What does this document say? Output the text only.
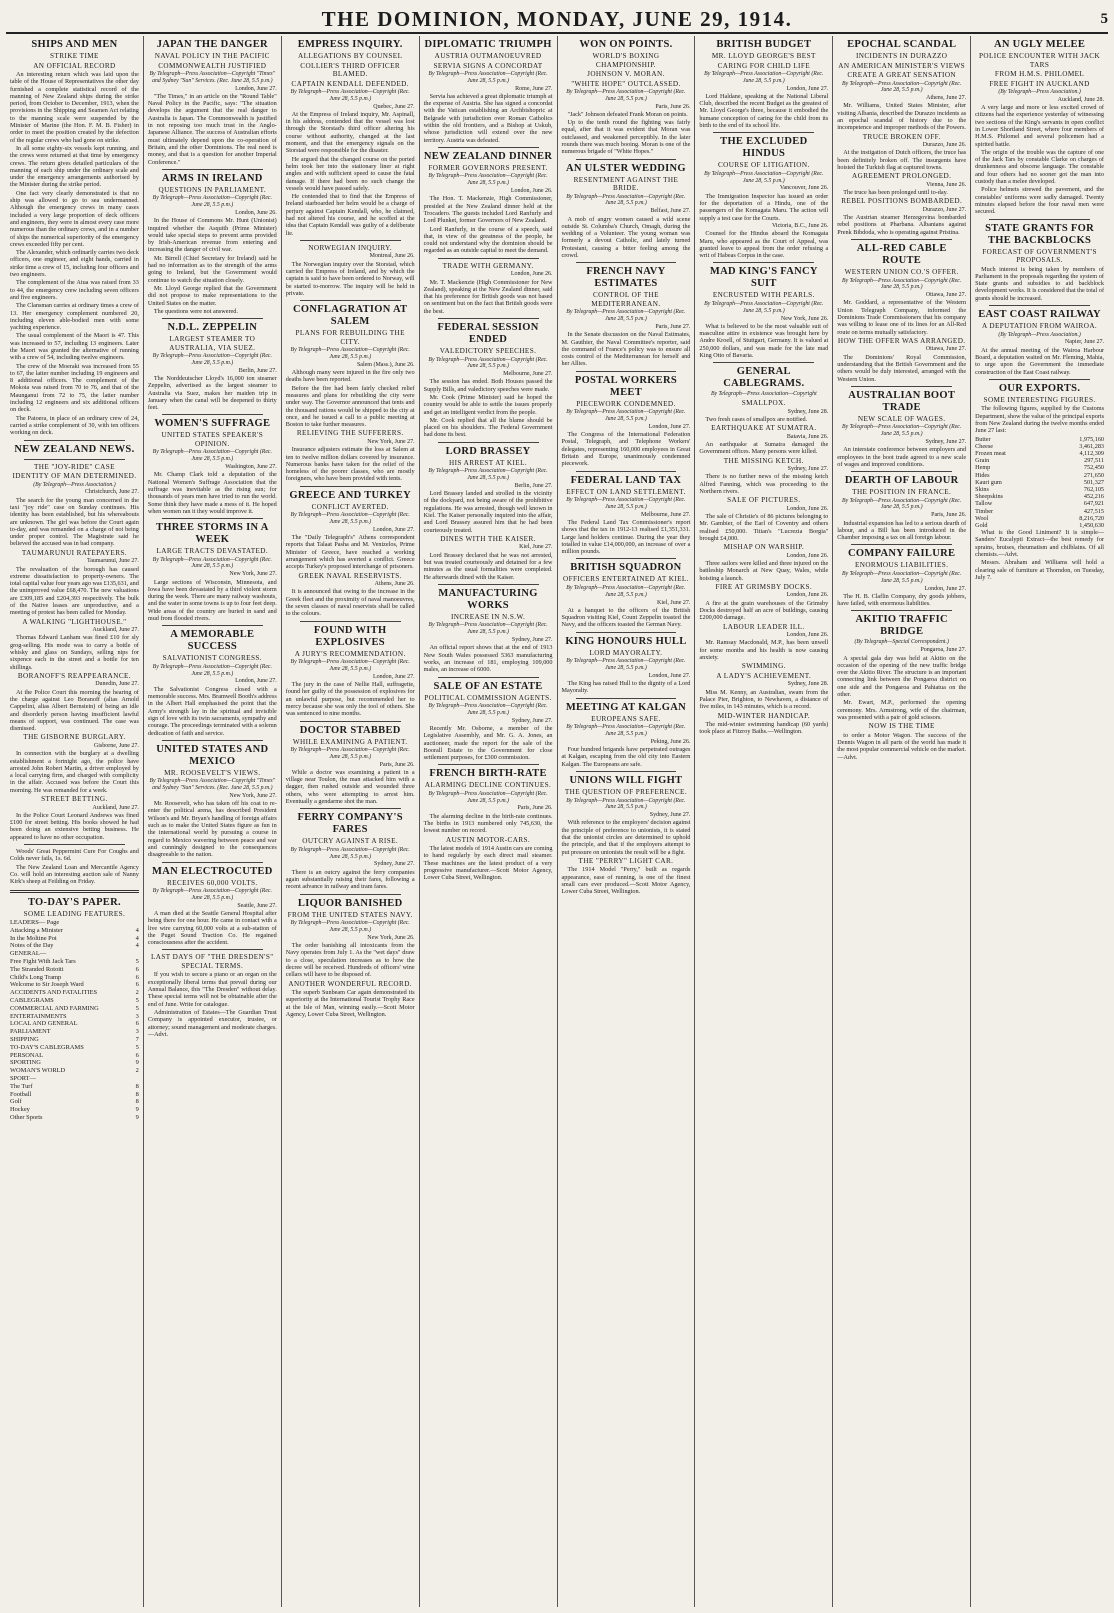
THE DOMINION, MONDAY, JUNE 29, 1914.	5
SHIPS AND MEN
STRIKE TIME
AN OFFICIAL RECORD

An interesting return which was laid upon the table of the House of Representatives the other day furnished a complete statistical record of the manning of New Zealand ships during the strike period, from October to December, 1913, when the provisions in the Shipping and Seamen Act relating to the manning scale were suspended by the Minister of Marine (the Hon. F. M. B. Fisher) in order to meet the position created by the defection of the regular crews who had gone on strike.

In all some eighty-six vessels kept running, and the crews were returned at that time by emergency crews. The return gives detailed particulars of the manning of each ship under the ordinary scale and under the emergency arrangements authorised by the Minister during the strike period.

One fact very clearly demonstrated is that no ship was allowed to go to sea undermanned. Although the emergency crews in many cases included a very large proportion of deck officers and engineers, they were in almost every case more numerous than the ordinary crews, and in a number of ships the numerical superiority of the emergency crews exceeded fifty per cent.

The Alexander, which ordinarily carries two deck officers, one engineer, and eight hands, carried in strike time a crew of 15, including four officers and two engineers.

The complement of the Atua was raised from 33 to 44, the emergency crew including seven officers and five engineers.

The Clansman carries at ordinary times a crew of 13. Her emergency complement numbered 20, including eleven able-bodied men with some yachting experience.

The usual complement of the Maori is 47. This was increased to 57, including 13 engineers. Later the Maori was granted the alternative of running with a crew of 54, including twelve engineers.

The crew of the Moeraki was increased from 55 to 67, the latter number including 19 engineers and 8 additional officers. The complement of the Mokoia was raised from 70 to 76, and that of the Maunganui from 72 to 75, the latter number including 12 engineers and six additional officers on deck.

The Patoera, in place of an ordinary crew of 24, carried a strike complement of 30, with ten officers working on deck.

NEW ZEALAND NEWS.
THE "JOY-RIDE" CASE
IDENTITY OF MAN DETERMINED.
(By Telegraph—Press Association.)
Christchurch, June 27.

The search for the young man concerned in the taxi "joy ride" case on Sunday continues. His identity has been established, but his whereabouts are unknown. The girl was before the Court again to-day, and was remanded on a charge of not being under proper control. The Magistrate said he believed the accused was in bad company.

TAUMARUNUI RATEPAYERS.
Taumarunui, June 27.

The revaluation of the borough has caused extreme dissatisfaction to property-owners. The total capital value four years ago was £135,631, and the unimproved value £68,470. The new valuations are £309,185 and £204,393 respectively. The bulk of the Native leases are unproductive, and a meeting of protest has been called for Monday.

A WALKING "LIGHTHOUSE."
Auckland, June 27.

Thomas Edward Lanham was fined £10 for sly grog-selling. His mode was to carry a bottle of whisky and glass on Sundays, selling nips for sixpence each in the street and a bottle for ten shillings.

BORANOFF'S REAPPEARANCE.
Dunedin, June 27.

At the Police Court this morning the hearing of the charge against Leo Boranoff (alias Arnold Cappelini, alias Albert Bernstein) of being an idle and disorderly person having insufficient lawful means of support, was continued. The case was dismissed.

THE GISBORNE BURGLARY.
Gisborne, June 27.

In connection with the burglary at a dwelling establishment a fortnight ago, the police have arrested John Robert Martin, a driver employed by a local carrying firm, and charged with complicity in the affair. Accused was before the Court this morning. He was remanded for a week.

STREET BETTING.
Auckland, June 27.

In the Police Court Leonard Andrews was fined £100 for street betting. His books showed he had been doing an extensive betting business. He appeared to have no other occupation.

Woods' Great Peppermint Cure For Coughs and Colds never fails, 1s. 6d.

The New Zealand Loan and Mercantile Agency Co. will hold an interesting auction sale of Nanny Kirk's sheep at Feilding on Friday.

TO-DAY'S PAPER.
SOME LEADING FEATURES.
LEADERS— Page
Attacking a Minister	4
In the Moltine Pot	4
Notes of the Day	4
GENERAL—
Free Fight With Jack Tars	5
The Stranded Rotoiti	6
Child's Long Tramp	6
Welcome to Sir Joseph Ward	6
ACCIDENTS AND FATALITIES	2
CABLEGRAMS	5
COMMERCIAL AND FARMING	5
ENTERTAINMENTS	3
LOCAL AND GENERAL	6
PARLIAMENT	3
SHIPPING	7
TO-DAY'S CABLEGRAMS	5
PERSONAL	6
SPORTING	9
WOMAN'S WORLD	2
SPORT—
The Turf	8
Football	8
Golf	8
Hockey	9
Other Sports	9
JAPAN THE DANGER
NAVAL POLICY IN THE PACIFIC
COMMONWEALTH JUSTIFIED
By Telegraph—Press Association—Copyright "Times" and Sydney "Sun" Services. (Rec. June 28, 5.5 p.m.)
London, June 27.

"The Times," in an article on the "Round Table" Naval Policy in the Pacific, says: "The situation develops the argument that the real danger to Australia is Japan. The Commonwealth is justified in not reposing too much trust in the Anglo-Japanese Alliance. The success of Australian efforts must ultimately depend upon the co-operation of Britain, and the other Dominions. The real need is money, and that is a question for another Imperial Conference."

ARMS IN IRELAND
QUESTIONS IN PARLIAMENT.
By Telegraph—Press Association—Copyright (Rec. June 28, 5.5 p.m.)
London, June 26.

In the House of Commons Mr. Hunt (Unionist) inquired whether the Asquith (Prime Minister) would take special steps to prevent arms provided by Irish-American revenue from entering and increasing the danger of civil war.

Mr. Birrell (Chief Secretary for Ireland) said he had no information as to the strength of the arms going to Ireland, but the Government would continue to watch the situation closely.

Mr. Lloyd George replied that the Government did not propose to make representations to the United States on the matter.

The questions were not answered.

N.D.L. ZEPPELIN
LARGEST STEAMER TO AUSTRALIA, VIA SUEZ.
By Telegraph—Press Association—Copyright (Rec. June 28, 5.5 p.m.)
Berlin, June 27.

The Norddeutscher Lloyd's 16,000 ton steamer Zeppelin, advertised as the largest steamer to Australia via Suez, makes her maiden trip in January when the canal will be deepened to thirty feet.

WOMEN'S SUFFRAGE
UNITED STATES SPEAKER'S OPINION.
By Telegraph—Press Association—Copyright (Rec. June 28, 5.5 p.m.)
Washington, June 27.

Mr. Champ Clark told a deputation of the National Women's Suffrage Association that the suffrage was inevitable as the rising sun; for thousands of years men have tried to run the world. Some think they have made a mess of it. He hoped when women ran it they would improve it.

THREE STORMS IN A WEEK
LARGE TRACTS DEVASTATED.
By Telegraph—Press Association—Copyright (Rec. June 28, 5.5 p.m.)
New York, June 27.

Large sections of Wisconsin, Minnesota, and Iowa have been devastated by a third violent storm during the week. There are many railway washouts, and the water in some towns is up to four feet deep. Wide areas of the country are buried in sand and mud from flooded rivers.

A MEMORABLE SUCCESS
SALVATIONIST CONGRESS.
By Telegraph—Press Association—Copyright (Rec. June 28, 5.5 p.m.)
London, June 27.

The Salvationist Congress closed with a memorable success. Mrs. Bramwell Booth's address in the Albert Hall emphasised the point that the Army's strength lay in the spiritual and invisible sign of love with its twin sacraments, sympathy and courage. The proceedings terminated with a solemn dedication of faith and service.

UNITED STATES AND MEXICO
MR. ROOSEVELT'S VIEWS.
By Telegraph—Press Association—Copyright "Times" and Sydney "Sun" Services. (Rec. June 28, 5.5 p.m.)
New York, June 27.

Mr. Roosevelt, who has taken off his coat to re-enter the political arena, has described President Wilson's and Mr. Bryan's handling of foreign affairs such as to make the United States figure as fun in the international world by pursuing a course in regard to Mexico wavering between peace and war and cunningly designed to the consequences disagreeable to the nation.

MAN ELECTROCUTED
RECEIVES 60,000 VOLTS.
By Telegraph—Press Association—Copyright (Rec. June 28, 5.5 p.m.)
Seattle, June 27.

A man died at the Seattle General Hospital after being there for one hour. He came in contact with a live wire carrying 60,000 volts at a sub-station of the Puget Sound Traction Co. He regained consciousness after the accident.

LAST DAYS OF "THE DRESDEN'S" SPECIAL TERMS.

If you wish to secure a piano or an organ on the exceptionally liberal terms that prevail during our Annual Balance, this "The Dresden" without delay. These special terms will not be obtainable after the end of June. Write for catalogue.

Administration of Estates—The Guardian Trust Company is appointed executor, trustee, or attorney; sound management and moderate charges.—Advt.

EMPRESS INQUIRY.
ALLEGATIONS BY COUNSEL
COLLIER'S THIRD OFFICER BLAMED.
CAPTAIN KENDALL DEFENDED.
By Telegraph—Press Association—Copyright (Rec. June 28, 5.5 p.m.)
Quebec, June 27.

At the Empress of Ireland inquiry, Mr. Aspinall, in his address, contended that the vessel was lost through the Storstad's third officer altering his course without authority, changed at the last moment, and that the emergency signals on the Storstad were responsible for the disaster.

He argued that the changed course on the ported helm took her into the stationary liner at right angles and with sufficient speed to cause the fatal damage. If there had been no such change the vessels would have passed safely.

He contended that to find that the Empress of Ireland starboarded her helm would be a charge of perjury against Captain Kendall, who, he claimed, had not altered his course, and he scoffed at the idea that Captain Kendall was guilty of a deliberate lie.

NORWEGIAN INQUIRY.
Montreal, June 26.

The Norwegian inquiry over the Storstad, which carried the Empress of Ireland, and by which the captain is said to have been ordered to Norway, will be started to-morrow. The inquiry will be held in private.

CONFLAGRATION AT SALEM
PLANS FOR REBUILDING THE CITY.
By Telegraph—Press Association—Copyright (Rec. June 28, 5.5 p.m.)
Salem (Mass.), June 26.

Although many were injured in the fire only two deaths have been reported.

Before the fire had been fairly checked relief measures and plans for rebuilding the city were under way. The Governor announced that tents and the thousand rations would be shipped to the city at once, and he issued a call to a public meeting at Boston to take further measures.

RELIEVING THE SUFFERERS.
New York, June 27.

Insurance adjusters estimate the loss at Salem at ten to twelve million dollars covered by insurance. Numerous banks have taken for the relief of the homeless of the poorer classes, who are mostly foreigners, who have been provided with tents.

GREECE AND TURKEY
CONFLICT AVERTED.
By Telegraph—Press Association—Copyright (Rec. June 28, 5.5 p.m.)
London, June 27.

The "Daily Telegraph's" Athens correspondent reports that Talaat Pasha and M. Venizelos, Prime Minister of Greece, have reached a working arrangement which has averted a conflict. Greece accepts Turkey's proposed interchange of prisoners.

GREEK NAVAL RESERVISTS.
Athens, June 26.

It is announced that owing to the increase in the Greek fleet and the proximity of naval manoeuvres, the seven classes of naval reservists shall be called to the colours.

FOUND WITH EXPLOSIVES
A JURY'S RECOMMENDATION.
By Telegraph—Press Association—Copyright (Rec. June 28, 5.5 p.m.)
London, June 27.

The jury in the case of Nellie Hall, suffragette, found her guilty of the possession of explosives for an unlawful purpose, but recommended her to mercy because she was only the tool of others. She was sentenced to nine months.

DOCTOR STABBED
WHILE EXAMINING A PATIENT.
By Telegraph—Press Association—Copyright (Rec. June 28, 5.5 p.m.)
Paris, June 26.

While a doctor was examining a patient in a village near Toulon, the man attacked him with a dagger, then rushed outside and wounded three others, who were attempting to arrest him. Eventually a gendarme shot the man.

FERRY COMPANY'S FARES
OUTCRY AGAINST A RISE.
By Telegraph—Press Association—Copyright (Rec. June 28, 5.5 p.m.)
Sydney, June 27.

There is an outcry against the ferry companies again substantially raising their fares, following a recent advance in railway and tram fares.

LIQUOR BANISHED
FROM THE UNITED STATES NAVY.
By Telegraph—Press Association—Copyright (Rec. June 28, 5.5 p.m.)
New York, June 26.

The order banishing all intoxicants from the Navy operates from July 1. As the "wet days" draw to a close, speculation increases as to how the decree will be received. Hundreds of officers' wine cellars will have to be disposed of.

ANOTHER WONDERFUL RECORD.

The superb Sunbeam Car again demonstrated its superiority at the International Tourist Trophy Race at the Isle of Man, winning easily.—Scott Motor Agency, Lower Cuba Street, Wellington.

DIPLOMATIC TRIUMPH
AUSTRIA OUTMANOEUVRED
SERVIA SIGNS A CONCORDAT
By Telegraph—Press Association—Copyright (Rec. June 28, 5.5 p.m.)
Rome, June 27.

Servia has achieved a great diplomatic triumph at the expense of Austria. She has signed a concordat with the Vatican establishing an Archbishopric at Belgrade with jurisdiction over Roman Catholics within the old frontiers, and a Bishop at Uskub, whose jurisdiction will extend over the new territory. Austria was defeated.

NEW ZEALAND DINNER
FORMER GOVERNORS PRESENT.
By Telegraph—Press Association—Copyright (Rec. June 28, 5.5 p.m.)
London, June 26.

The Hon. T. Mackenzie, High Commissioner, presided at the New Zealand dinner held at the Trocadero. The guests included Lord Ranfurly and Lord Plunket, former Governors of New Zealand.

Lord Ranfurly, in the course of a speech, said that, in view of the greatness of the people, he could not understand why the dominion should be regarded as an outside capital to meet the demand.

TRADE WITH GERMANY.
London, June 26.

Mr. T. Mackenzie (High Commissioner for New Zealand), speaking at the New Zealand dinner, said that his preference for British goods was not based on sentiment but on the fact that British goods were the best.

FEDERAL SESSION ENDED
VALEDICTORY SPEECHES.
By Telegraph—Press Association—Copyright (Rec. June 28, 5.5 p.m.)
Melbourne, June 27.

The session has ended. Both Houses passed the Supply Bills, and valedictory speeches were made.

Mr. Cook (Prime Minister) said he hoped the country would be able to settle the issues properly and get an intelligent verdict from the people.

Mr. Cook replied that all the blame should be placed on his shoulders. The Federal Government had done its best.

LORD BRASSEY
HIS ARREST AT KIEL.
By Telegraph—Press Association—Copyright (Rec. June 28, 5.5 p.m.)
Berlin, June 27.

Lord Brassey landed and strolled in the vicinity of the dockyard, not being aware of the prohibitive regulations. He was arrested, though well known in Kiel. The Kaiser personally inquired into the affair, and Lord Brassey assured him that he had been courteously treated.

DINES WITH THE KAISER.
Kiel, June 27.

Lord Brassey declared that he was not arrested, but was treated courteously and detained for a few minutes as the usual formalities were completed. He afterwards dined with the Kaiser.

MANUFACTURING WORKS
INCREASE IN N.S.W.
By Telegraph—Press Association—Copyright (Rec. June 28, 5.5 p.m.)
Sydney, June 27.

An official report shows that at the end of 1913 New South Wales possessed 5363 manufacturing works, an increase of 181, employing 109,000 males, an increase of 6000.

SALE OF AN ESTATE
POLITICAL COMMISSION AGENTS.
By Telegraph—Press Association—Copyright (Rec. June 28, 5.5 p.m.)
Sydney, June 27.

Recently Mr. Osborne, a member of the Legislative Assembly, and Mr. G. A. Jones, an auctioneer, made the report for the sale of the Boorall Estate to the Government for close settlement purposes, for £300 commission.

FRENCH BIRTH-RATE
ALARMING DECLINE CONTINUES.
By Telegraph—Press Association—Copyright (Rec. June 28, 5.5 p.m.)
Paris, June 26.

The alarming decline in the birth-rate continues. The births in 1913 numbered only 745,630, the lowest number on record.

AUSTIN MOTOR-CARS.

The latest models of 1914 Austin cars are coming to hand regularly by each direct mail steamer. These machines are the latest product of a very progressive manufacturer.—Scott Motor Agency, Lower Cuba Street, Wellington.

WON ON POINTS.
WORLD'S BOXING CHAMPIONSHIP.
JOHNSON V. MORAN.
"WHITE HOPE" OUTCLASSED.
By Telegraph—Press Association—Copyright (Rec. June 28, 5.5 p.m.)
Paris, June 26.

"Jack" Johnson defeated Frank Moran on points.

Up to the tenth round the fighting was fairly equal, after that it was evident that Moran was outclassed, and weakened perceptibly. In the later rounds there was much booing. Moran is one of the numerous brigade of "White Hopes."

AN ULSTER WEDDING
RESENTMENT AGAINST THE BRIDE.
By Telegraph—Press Association—Copyright (Rec. June 28, 5.5 p.m.)
Belfast, June 27.

A mob of angry women caused a wild scene outside St. Columba's Church, Omagh, during the wedding of a Volunteer. The young woman was formerly a devout Catholic, and lately turned Protestant, causing a bitter feeling among the crowd.

FRENCH NAVY ESTIMATES
CONTROL OF THE MEDITERRANEAN.
By Telegraph—Press Association—Copyright (Rec. June 28, 5.5 p.m.)
Paris, June 27.

In the Senate discussion on the Naval Estimates, M. Gauthier, the Naval Committee's reporter, said the command of France's policy was to ensure all costs control of the Mediterranean for herself and her Allies.

POSTAL WORKERS MEET
PIECEWORK CONDEMNED.
By Telegraph—Press Association—Copyright (Rec. June 28, 5.5 p.m.)
London, June 27.

The Congress of the International Federation Postal, Telegraph, and Telephone Workers' delegates, representing 160,000 employees in Great Britain and Europe, unanimously condemned piecework.

FEDERAL LAND TAX
EFFECT ON LAND SETTLEMENT.
By Telegraph—Press Association—Copyright (Rec. June 28, 5.5 p.m.)
Melbourne, June 27.

The Federal Land Tax Commissioner's report shows that the tax in 1912-13 realised £1,351,331. Large land holders continue. During the year they totalled in value £14,000,000, an increase of over a million pounds.

BRITISH SQUADRON
OFFICERS ENTERTAINED AT KIEL.
By Telegraph—Press Association—Copyright (Rec. June 28, 5.5 p.m.)
Kiel, June 27.

At a banquet to the officers of the British Squadron visiting Kiel, Count Zeppelin toasted the Navy, and the officers toasted the German Navy.

KING HONOURS HULL
LORD MAYORALTY.
By Telegraph—Press Association—Copyright (Rec. June 28, 5.5 p.m.)
London, June 27.

The King has raised Hull to the dignity of a Lord Mayoralty.

MEETING AT KALGAN
EUROPEANS SAFE.
By Telegraph—Press Association—Copyright (Rec. June 28, 5.5 p.m.)
Peking, June 26.

Four hundred brigands have perpetrated outrages at Kalgan, escaping from the old city into Eastern Kalgan. The Europeans are safe.

UNIONS WILL FIGHT
THE QUESTION OF PREFERENCE.
By Telegraph—Press Association—Copyright (Rec. June 28, 5.5 p.m.)
Sydney, June 27.

With reference to the employers' decision against the principle of preference to unionists, it is stated that the unionist circles are determined to uphold the principle, and that if the employers attempt to put pressure on unionists the result will be a fight.

THE "PERRY" LIGHT CAR.

The 1914 Model "Perry," built as regards appearance, ease of running, is one of the finest small cars ever produced.—Scott Motor Agency, Lower Cuba Street, Wellington.

BRITISH BUDGET
MR. LLOYD GEORGE'S BEST
CARING FOR CHILD LIFE
By Telegraph—Press Association—Copyright (Rec. June 28, 5.5 p.m.)
London, June 27.

Lord Haldane, speaking at the National Liberal Club, described the recent Budget as the greatest of Mr. Lloyd George's three, because it embodied the humane conception of caring for the child from its birth to the end of its school life.

THE EXCLUDED HINDUS
COURSE OF LITIGATION.
By Telegraph—Press Association—Copyright (Rec. June 28, 5.5 p.m.)
Vancouver, June 26.

The Immigration Inspector has issued an order for the deportation of a Hindu, one of the passengers of the Komagata Maru. The action will supply a test case for the Courts.

Victoria, B.C., June 26.

Counsel for the Hindus aboard the Komagata Maru, who appeared as the Court of Appeal, was granted leave to appeal from the order refusing a writ of Habeas Corpus in the case.

MAD KING'S FANCY SUIT
ENCRUSTED WITH PEARLS.
By Telegraph—Press Association—Copyright (Rec. June 28, 5.5 p.m.)
New York, June 26.

What is believed to be the most valuable suit of masculine attire in existence was brought here by Andre Kroell, of Stuttgart, Germany. It is valued at 250,000 dollars, and was made for the late mad King Otto of Bavaria.

GENERAL CABLEGRAMS.
By Telegraph—Press Association—Copyright
SMALLPOX.
Sydney, June 28.

Two fresh cases of smallpox are notified.

EARTHQUAKE AT SUMATRA.
Batavia, June 26.

An earthquake at Sumatra damaged the Government offices. Many persons were killed.

THE MISSING KETCH.
Sydney, June 27.

There is no further news of the missing ketch Alfred Fanning, which was proceeding to the Northern rivers.

SALE OF PICTURES.
London, June 26.

The sale of Christie's of 86 pictures belonging to Mr. Gambier, of the Earl of Coventry and others realised £50,000. Titian's "Lucrezia Borgia" brought £4,000.

MISHAP ON WARSHIP.
London, June 26.

Three sailors were killed and three injured on the battleship Monarch at New Quay, Wales, while hoisting a launch.

FIRE AT GRIMSBY DOCKS.
London, June 26.

A fire at the grain warehouses of the Grimsby Docks destroyed half an acre of buildings, causing £200,000 damage.

LABOUR LEADER ILL.
London, June 26.

Mr. Ramsay Macdonald, M.P., has been unwell for some months and his health is now causing anxiety.

SWIMMING.
A LADY'S ACHIEVEMENT.
Sydney, June 28.

Miss M. Kenny, an Australian, swam from the Palace Pier, Brighton, to Newhaven, a distance of five miles, in 143 minutes, which is a record.

MID-WINTER HANDICAP.

The mid-winter swimming handicap (60 yards) took place at Fitzroy Baths.—Wellington.

EPOCHAL SCANDAL
INCIDENTS IN DURAZZO
AN AMERICAN MINISTER'S VIEWS
CREATE A GREAT SENSATION
By Telegraph—Press Association—Copyright (Rec. June 28, 5.5 p.m.)
Athens, June 27.

Mr. Williams, United States Minister, after visiting Albania, described the Durazzo incidents as an epochal scandal of history due to the incompetence and improper methods of the Powers.

TRUCE BROKEN OFF.
Durazzo, June 26.

At the instigation of Dutch officers, the truce has been definitely broken off. The insurgents have hoisted the Turkish flag at captured towns.

AGREEMENT PROLONGED.
Vienna, June 26.

The truce has been prolonged until to-day.

REBEL POSITIONS BOMBARDED.
Durazzo, June 27.

The Austrian steamer Herzegovina bombarded rebel positions at Pharbana. Albanians against Prenk Bibdoda, who is operating against Pristina.

ALL-RED CABLE ROUTE
WESTERN UNION CO.'S OFFER.
By Telegraph—Press Association—Copyright (Rec. June 28, 5.5 p.m.)
Ottawa, June 27.

Mr. Goddard, a representative of the Western Union Telegraph Company, informed the Dominions Trade Commissioners that his company was willing to lease one of its lines for an All-Red route on terms mutually satisfactory.

HOW THE OFFER WAS ARRANGED.
Ottawa, June 27.

The Dominions' Royal Commission, understanding that the British Government and the others would be duly interested, arranged with the Western Union.

AUSTRALIAN BOOT TRADE
NEW SCALE OF WAGES.
By Telegraph—Press Association—Copyright (Rec. June 28, 5.5 p.m.)
Sydney, June 27.

An interstate conference between employers and employees in the boot trade agreed to a new scale of wages and improved conditions.

DEARTH OF LABOUR
THE POSITION IN FRANCE.
By Telegraph—Press Association—Copyright (Rec. June 28, 5.5 p.m.)
Paris, June 26.

Industrial expansion has led to a serious dearth of labour, and a Bill has been introduced in the Chamber imposing a tax on all foreign labour.

COMPANY FAILURE
ENORMOUS LIABILITIES.
By Telegraph—Press Association—Copyright (Rec. June 28, 5.5 p.m.)
London, June 27.

The H. B. Claflin Company, dry goods jobbers, have failed, with enormous liabilities.

AKITIO TRAFFIC BRIDGE
(By Telegraph—Special Correspondent.)
Pongaroa, June 27.

A special gala day was held at Akitio on the occasion of the opening of the new traffic bridge over the Akitio River. The structure is an important connecting link between the Pongaroa district on one side and the Pongaroa and Pahiatua on the other.

Mr. Ewart, M.P., performed the opening ceremony. Mrs. Armstrong, wife of the chairman, was presented with a pair of gold scissors.

NOW IS THE TIME

to order a Motor Wagon. The success of the Dennis Wagon in all parts of the world has made it the most popular commercial vehicle on the market.—Advt.

AN UGLY MELEE
POLICE ENCOUNTER WITH JACK TARS
FROM H.M.S. PHILOMEL
FREE FIGHT IN AUCKLAND
(By Telegraph—Press Association.)
Auckland, June 28.

A very large and more or less excited crowd of citizens had the experience yesterday of witnessing two sections of the King's servants in open conflict in Lower Shortland Street, where four members of H.M.S. Philomel and several policemen had a spirited battle.

The origin of the trouble was the capture of one of the Jack Tars by constable Clarke on charges of drunkenness and obscene language. The constable and four others had no sooner got the man into custody than a melee developed.

Police helmets strewed the pavement, and the constables' uniforms were sadly damaged. Twenty minutes elapsed before the four naval men were secured.

STATE GRANTS FOR THE BACKBLOCKS
FORECAST OF GOVERNMENT'S PROPOSALS.

Much interest is being taken by members of Parliament in the proposals regarding the system of State grants and subsidies to aid backblock development works. It is considered that the total of grants should be increased.

EAST COAST RAILWAY
A DEPUTATION FROM WAIROA.
(By Telegraph—Press Association.)
Napier, June 27.

At the annual meeting of the Wairoa Harbour Board, a deputation waited on Mr. Fleming, Mahia, to urge upon the Government the immediate construction of the East Coast railway.

OUR EXPORTS.
SOME INTERESTING FIGURES.

The following figures, supplied by the Customs Department, show the value of the principal exports from New Zealand during the twelve months ended June 27 last:

Butter	1,975,160
Cheese	3,461,283
Frozen meat	4,112,309
Grain	297,511
Hemp	752,450
Hides	271,650
Kauri gum	501,327
Skins	762,105
Sheepskins	452,216
Tallow	647,921
Timber	427,515
Wool	8,216,720
Gold	1,450,630

What is the Good Liniment? It is simple—Sanders' Eucalypti Extract—the best remedy for sprains, bruises, rheumatism and chilblains. Of all chemists.—Advt.

Messrs. Abraham and Williams will hold a clearing sale of furniture at Thorndon, on Tuesday, July 7.
